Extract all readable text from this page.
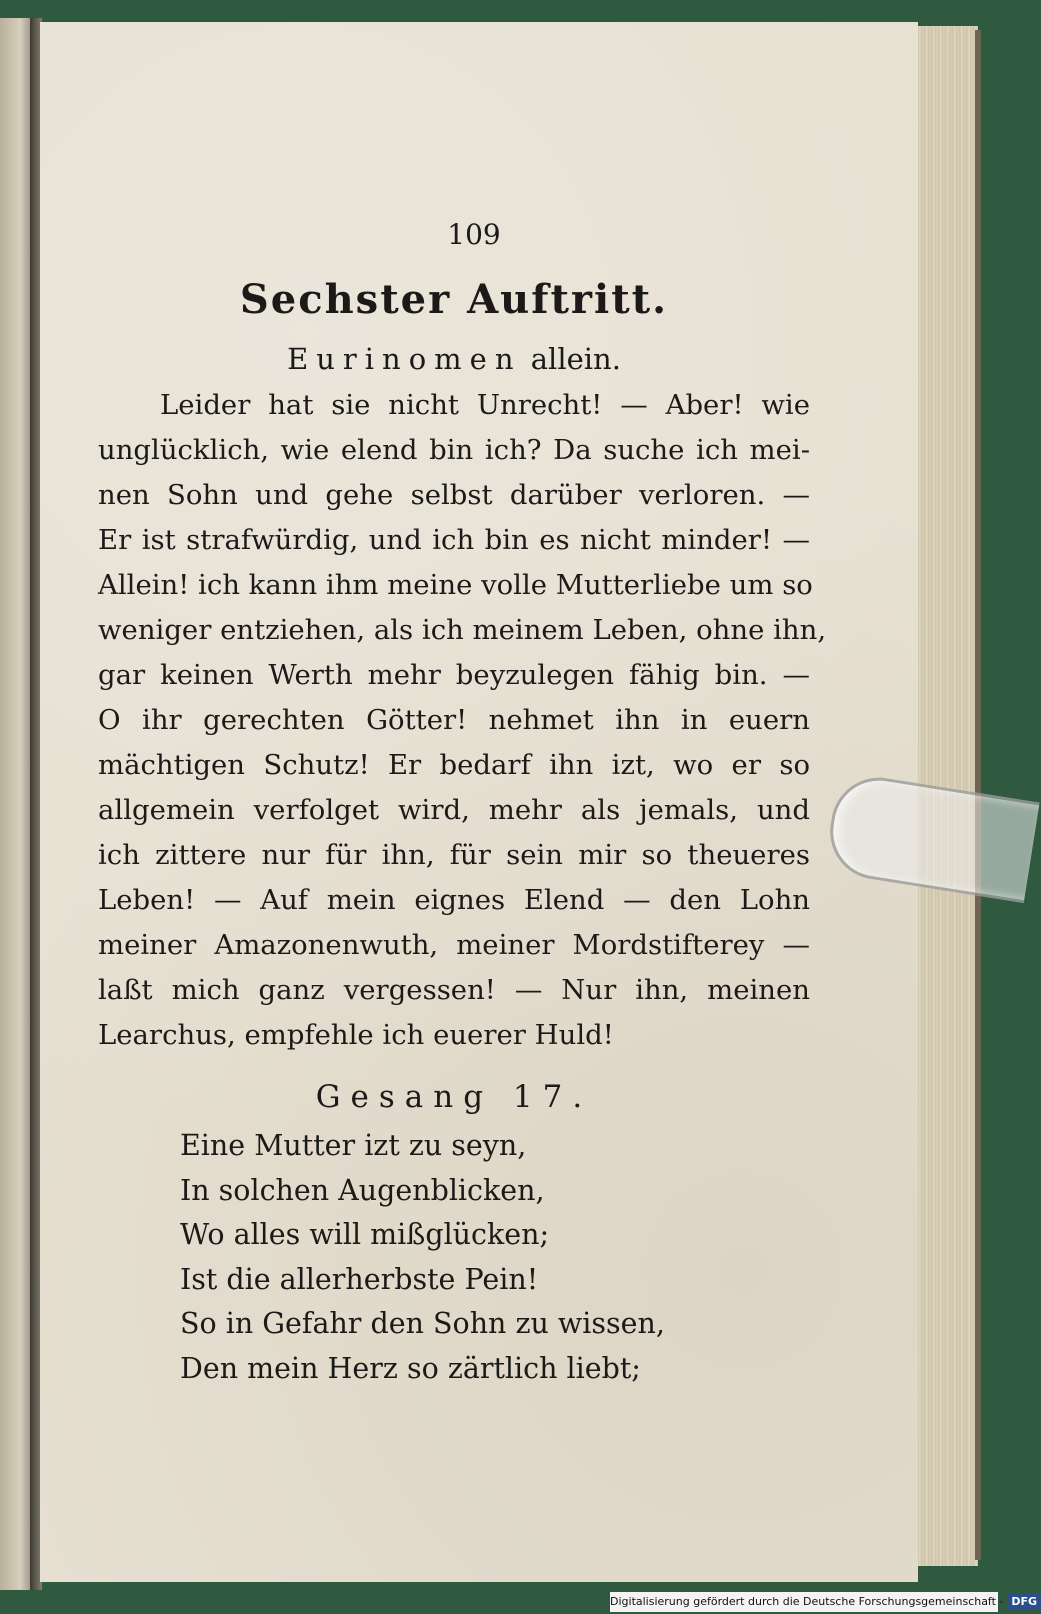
109
Sechster Auftritt.
Eurinomen allein.
Leider hat sie nicht Unrecht! — Aber! wie
unglücklich, wie elend bin ich? Da suche ich mei-
nen Sohn und gehe selbst darüber verloren. —
Er ist strafwürdig, und ich bin es nicht minder! —
Allein! ich kann ihm meine volle Mutterliebe um so
weniger entziehen, als ich meinem Leben, ohne ihn,
gar keinen Werth mehr beyzulegen fähig bin. —
O ihr gerechten Götter! nehmet ihn in euern
mächtigen Schutz! Er bedarf ihn izt, wo er so
allgemein verfolget wird, mehr als jemals, und
ich zittere nur für ihn, für sein mir so theueres
Leben! — Auf mein eignes Elend — den Lohn
meiner Amazonenwuth, meiner Mordstifterey —
laßt mich ganz vergessen! — Nur ihn, meinen
Learchus, empfehle ich euerer Huld!
Gesang 17.
Eine Mutter izt zu seyn,
In solchen Augenblicken,
Wo alles will mißglücken;
Ist die allerherbste Pein!
So in Gefahr den Sohn zu wissen,
Den mein Herz so zärtlich liebt;
Digitalisierung gefördert durch die Deutsche Forschungsgemeinschaft - DFG
